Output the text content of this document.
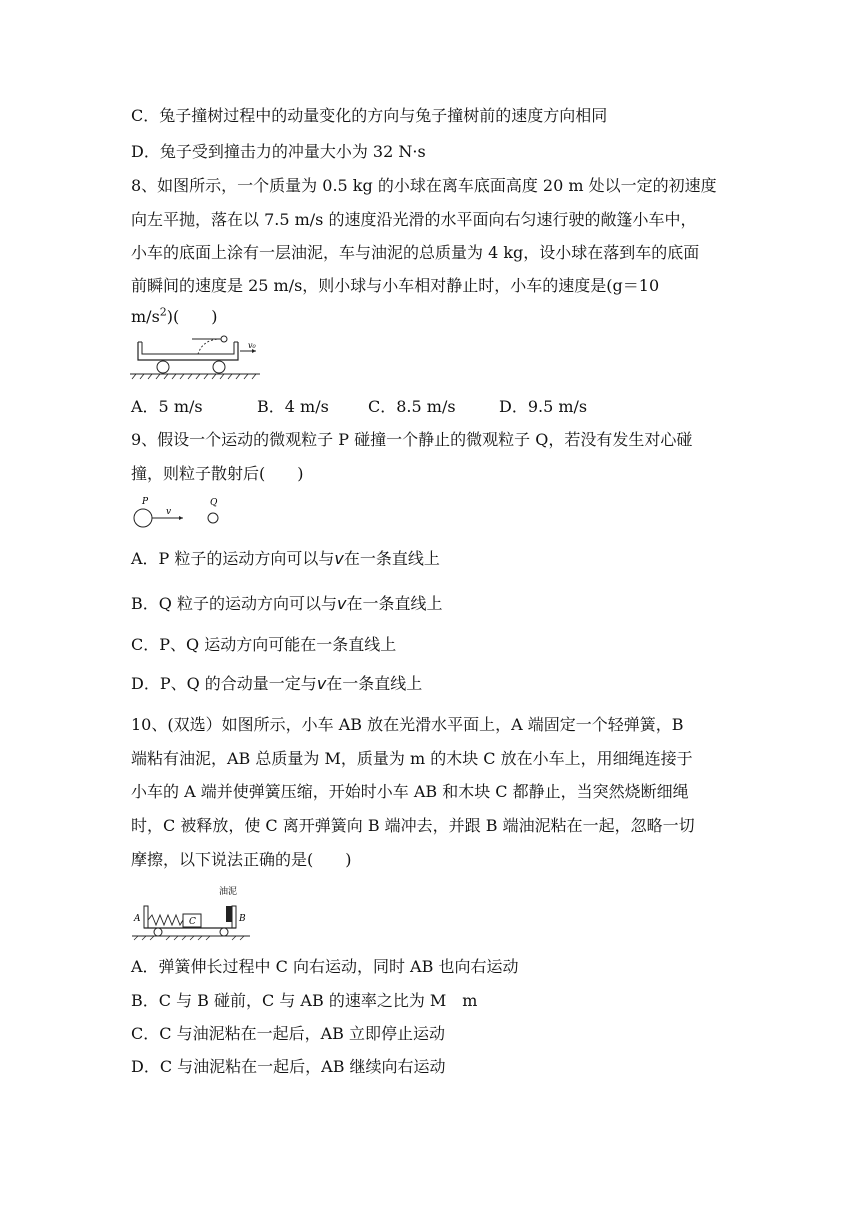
C．兔子撞树过程中的动量变化的方向与兔子撞树前的速度方向相同
D．兔子受到撞击力的冲量大小为 32 N·s
8、如图所示，一个质量为 0.5 kg 的小球在离车底面高度 20 m 处以一定的初速度
向左平抛，落在以 7.5 m/s 的速度沿光滑的水平面向右匀速行驶的敞篷小车中，
小车的底面上涂有一层油泥，车与油泥的总质量为 4 kg，设小球在落到车的底面
前瞬间的速度是 25 m/s，则小球与小车相对静止时，小车的速度是(g＝10
$m/s^2$)(　　)
v₀
A．5 m/s	B．4 m/s C．8.5 m/s	D．9.5 m/s
9、假设一个运动的微观粒子 P 碰撞一个静止的微观粒子 Q，若没有发生对心碰
撞，则粒子散射后(　　)
P
v
Q
A．P 粒子的运动方向可以与v在一条直线上
B．Q 粒子的运动方向可以与v在一条直线上
C．P、Q 运动方向可能在一条直线上
D．P、Q 的合动量一定与v在一条直线上
10、(双选）如图所示，小车 AB 放在光滑水平面上，A 端固定一个轻弹簧，B
端粘有油泥，AB 总质量为 M，质量为 m 的木块 C 放在小车上，用细绳连接于
小车的 A 端并使弹簧压缩，开始时小车 AB 和木块 C 都静止，当突然烧断细绳
时，C 被释放，使 C 离开弹簧向 B 端冲去，并跟 B 端油泥粘在一起，忽略一切
摩擦，以下说法正确的是(　　)
油泥
C
A	B
A．弹簧伸长过程中 C 向右运动，同时 AB 也向右运动
B．C 与 B 碰前，C 与 AB 的速率之比为 M　m
C．C 与油泥粘在一起后，AB 立即停止运动
D．C 与油泥粘在一起后，AB 继续向右运动
